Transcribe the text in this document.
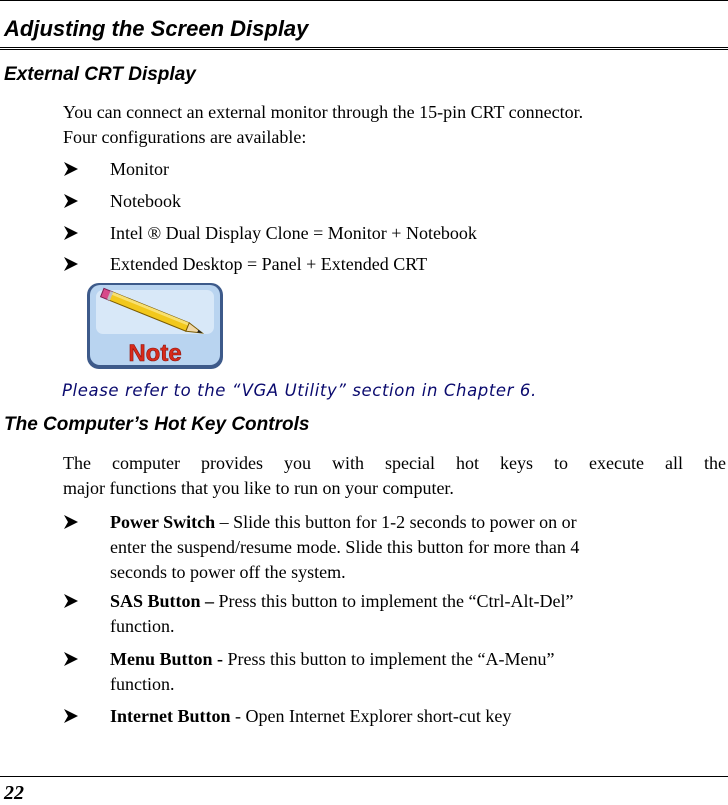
Adjusting the Screen Display
External CRT Display

You can connect an external monitor through the 15-pin CRT connector.
Four configurations are available:

Monitor
Notebook
Intel ® Dual Display Clone = Monitor + Notebook
Extended Desktop = Panel + Extended CRT
Note

Please refer to the “VGA Utility” section in Chapter 6.

The Computer’s Hot Key Controls

The computer provides you with special hot keys to execute all the
major functions that you like to run on your computer.

Power Switch – Slide this button for 1-2 seconds to power on or
enter the suspend/resume mode. Slide this button for more than 4
seconds to power off the system.
SAS Button – Press this button to implement the “Ctrl-Alt-Del”
function.
Menu Button - Press this button to implement the “A-Menu”
function.
Internet Button - Open Internet Explorer short-cut key

22
